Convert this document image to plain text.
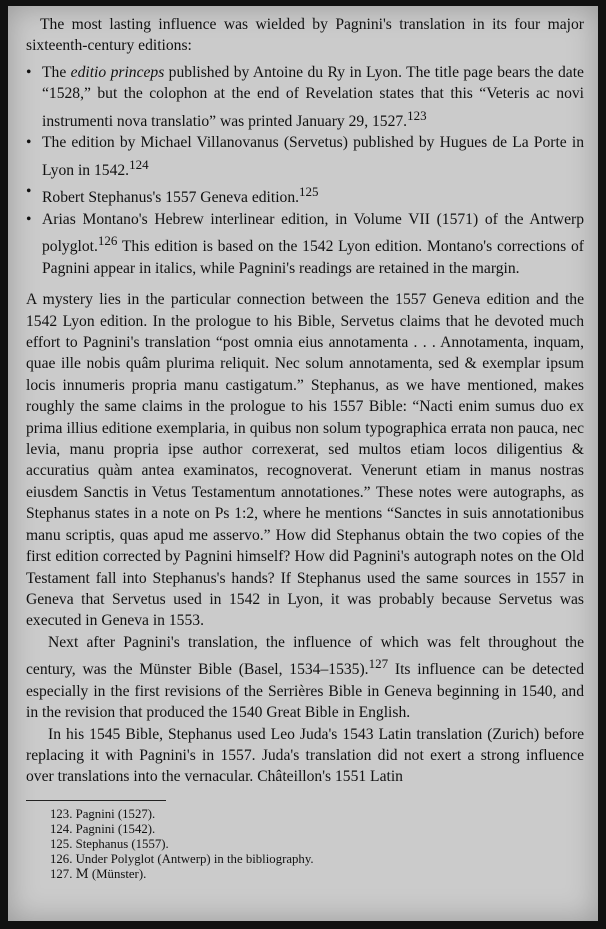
The most lasting influence was wielded by Pagnini's translation in its four major sixteenth-century editions:

• The editio princeps published by Antoine du Ry in Lyon. The title page bears the date “1528,” but the colophon at the end of Revelation states that this “Veteris ac novi instrumenti nova translatio” was printed January 29, 1527.$^{123}$
• The edition by Michael Villanovanus (Servetus) published by Hugues de La Porte in Lyon in 1542.$^{124}$
• Robert Stephanus's 1557 Geneva edition.$^{125}$
• Arias Montano's Hebrew interlinear edition, in Volume VII (1571) of the Antwerp polyglot.$^{126}$ This edition is based on the 1542 Lyon edition. Montano's corrections of Pagnini appear in italics, while Pagnini's readings are retained in the margin.

A mystery lies in the particular connection between the 1557 Geneva edition and the 1542 Lyon edition. In the prologue to his Bible, Servetus claims that he devoted much effort to Pagnini's translation “post omnia eius annotamenta . . . Annotamenta, inquam, quae ille nobis quâm plurima reliquit. Nec solum annotamenta, sed & exemplar ipsum locis innumeris propria manu castigatum.” Stephanus, as we have mentioned, makes roughly the same claims in the prologue to his 1557 Bible: “Nacti enim sumus duo ex prima illius editione exemplaria, in quibus non solum typographica errata non pauca, nec levia, manu propria ipse author correxerat, sed multos etiam locos diligentius & accuratius quàm antea examinatos, recognoverat. Venerunt etiam in manus nostras eiusdem Sanctis in Vetus Testamentum annotationes.” These notes were autographs, as Stephanus states in a note on Ps 1:2, where he mentions “Sanctes in suis annotationibus manu scriptis, quas apud me asservo.” How did Stephanus obtain the two copies of the first edition corrected by Pagnini himself? How did Pagnini's autograph notes on the Old Testament fall into Stephanus's hands? If Stephanus used the same sources in 1557 in Geneva that Servetus used in 1542 in Lyon, it was probably because Servetus was executed in Geneva in 1553.

Next after Pagnini's translation, the influence of which was felt throughout the century, was the Münster Bible (Basel, 1534–1535).$^{127}$ Its influence can be detected especially in the first revisions of the Serrières Bible in Geneva beginning in 1540, and in the revision that produced the 1540 Great Bible in English.

In his 1545 Bible, Stephanus used Leo Juda's 1543 Latin translation (Zurich) before replacing it with Pagnini's in 1557. Juda's translation did not exert a strong influence over translations into the vernacular. Châteillon's 1551 Latin

123. Pagnini (1527).
124. Pagnini (1542).
125. Stephanus (1557).
126. Under Polyglot (Antwerp) in the bibliography.
127. Ⅿ (Münster).
